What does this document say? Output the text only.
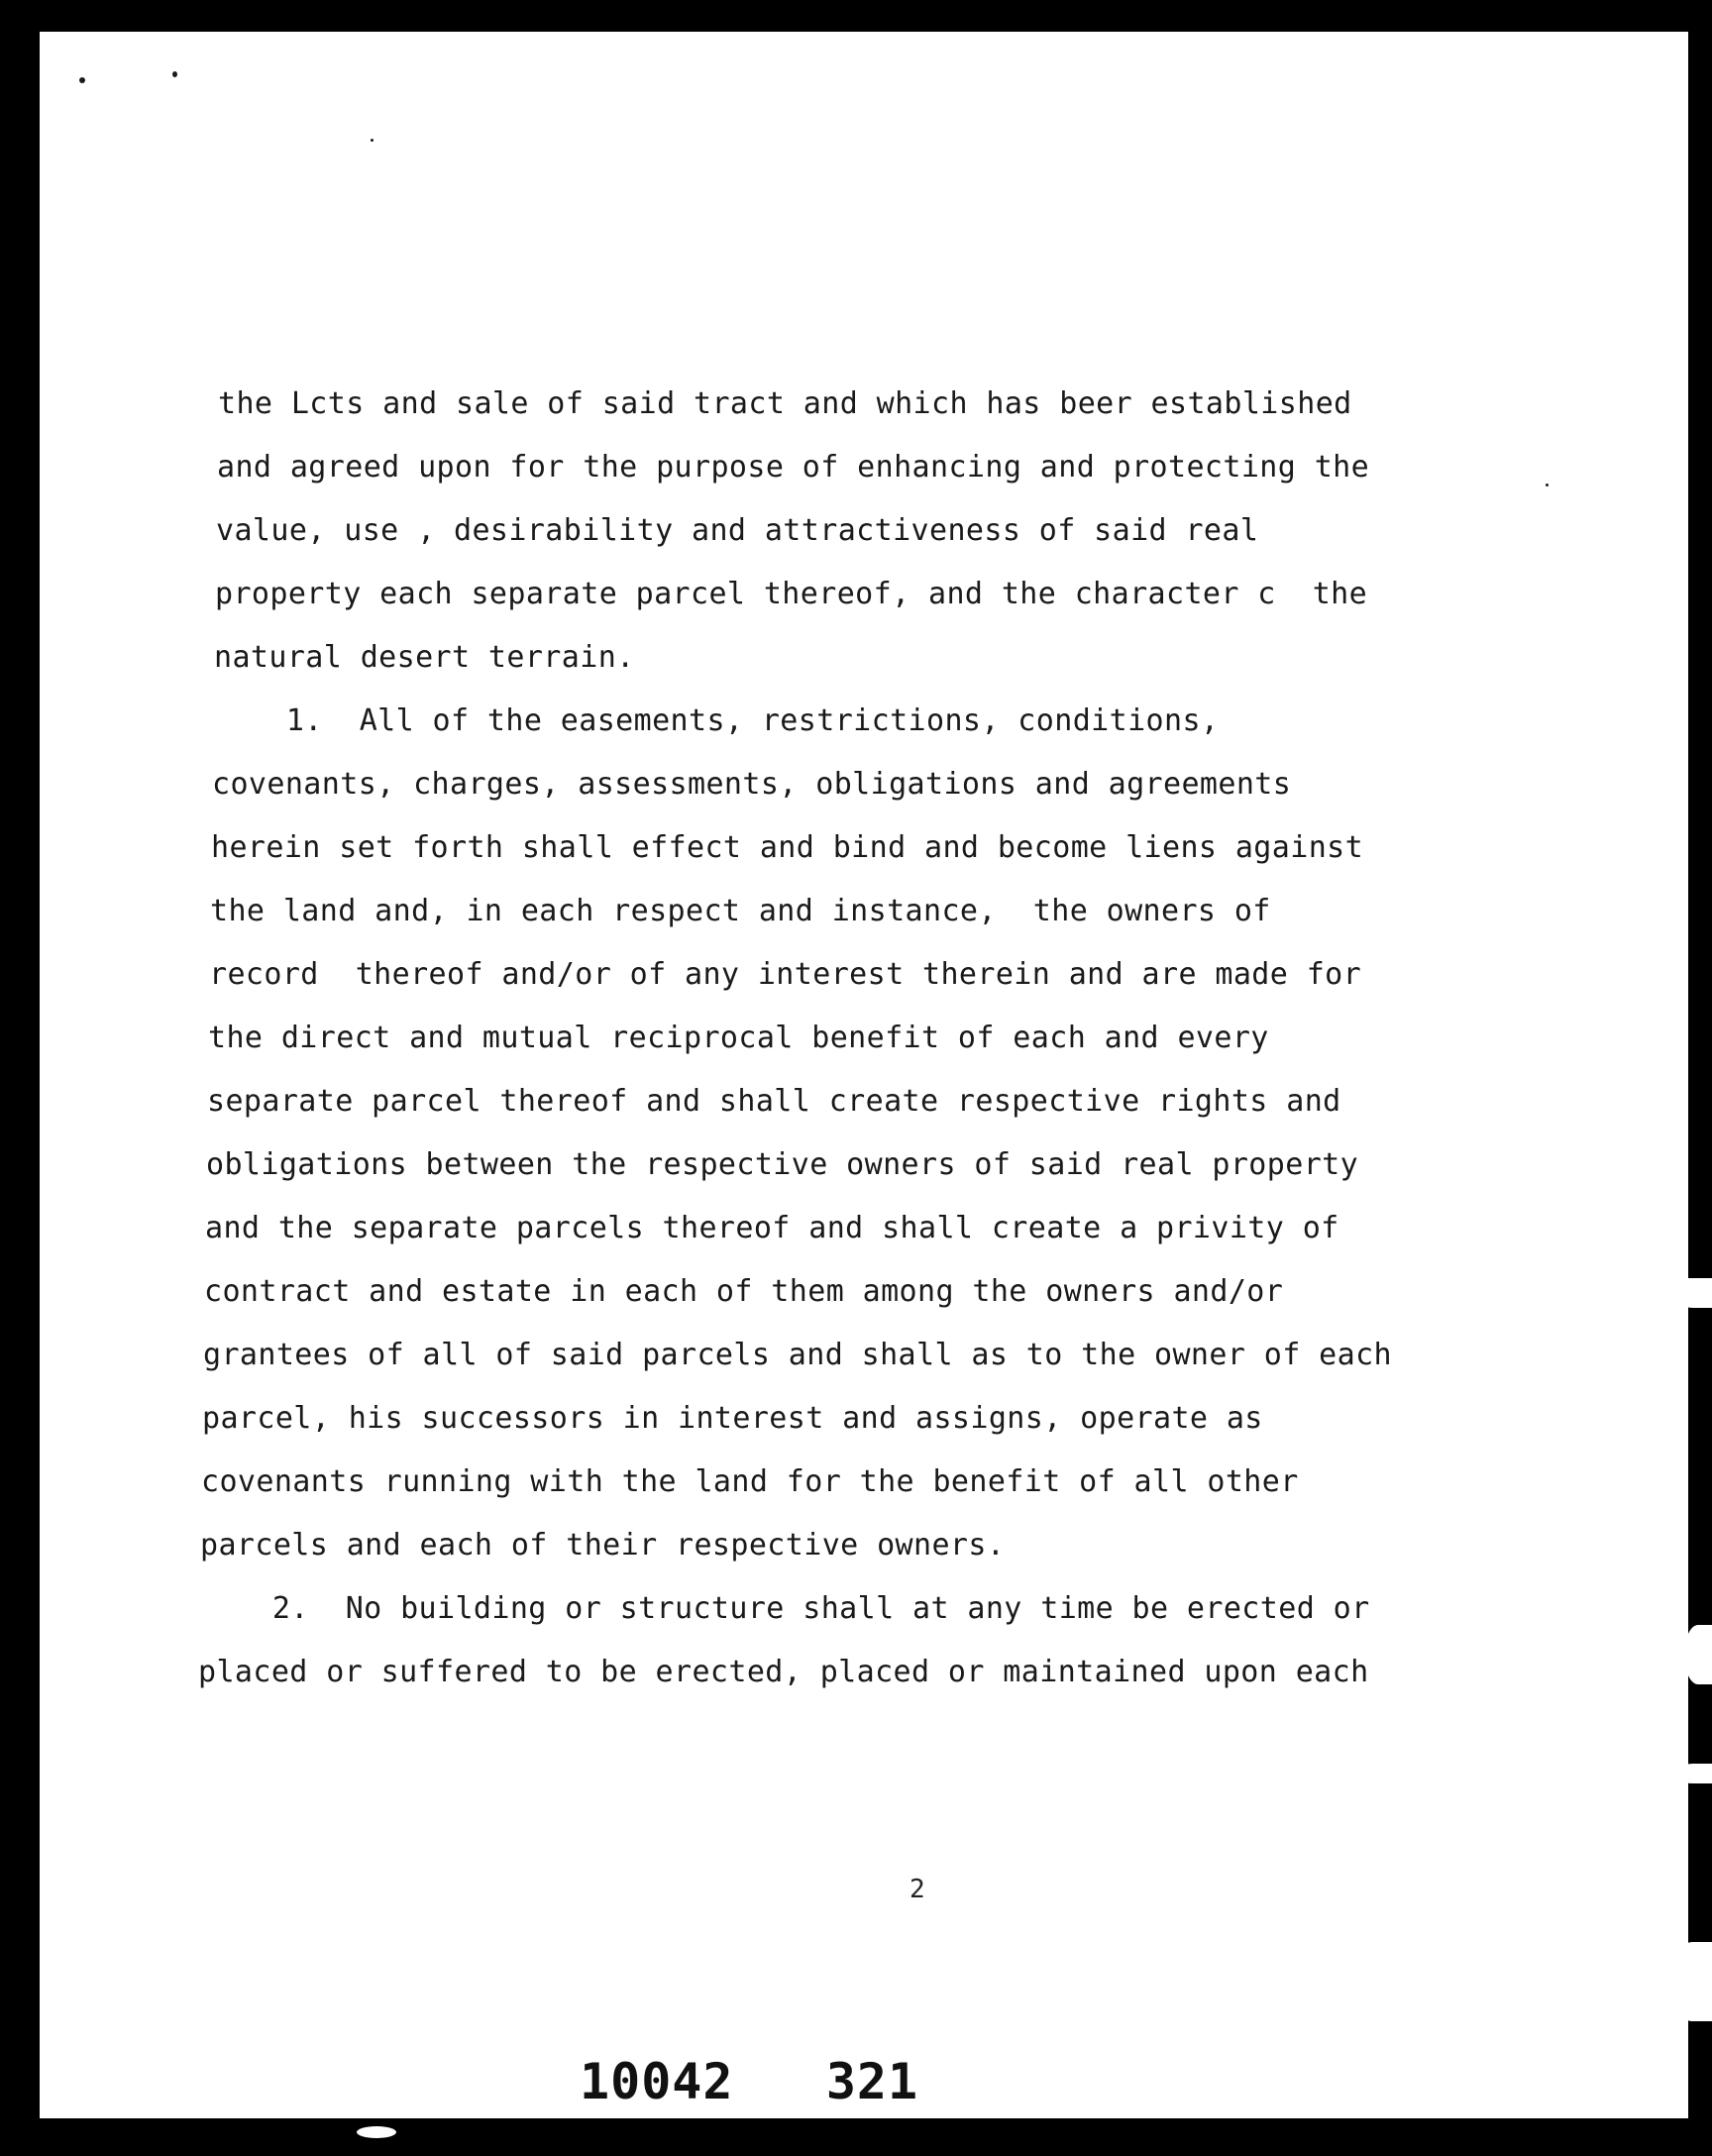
the Lcts and sale of said tract and which has beer established
and agreed upon for the purpose of enhancing and protecting the
value, use , desirability and attractiveness of said real
property each separate parcel thereof, and the character c  the
natural desert terrain.
1.  All of the easements, restrictions, conditions,
covenants, charges, assessments, obligations and agreements
herein set forth shall effect and bind and become liens against
the land and, in each respect and instance,  the owners of
record  thereof and/or of any interest therein and are made for
the direct and mutual reciprocal benefit of each and every
separate parcel thereof and shall create respective rights and
obligations between the respective owners of said real property
and the separate parcels thereof and shall create a privity of
contract and estate in each of them among the owners and/or
grantees of all of said parcels and shall as to the owner of each
parcel, his successors in interest and assigns, operate as
covenants running with the land for the benefit of all other
parcels and each of their respective owners.
2.  No building or structure shall at any time be erected or
placed or suffered to be erected, placed or maintained upon each
2
10042   321
